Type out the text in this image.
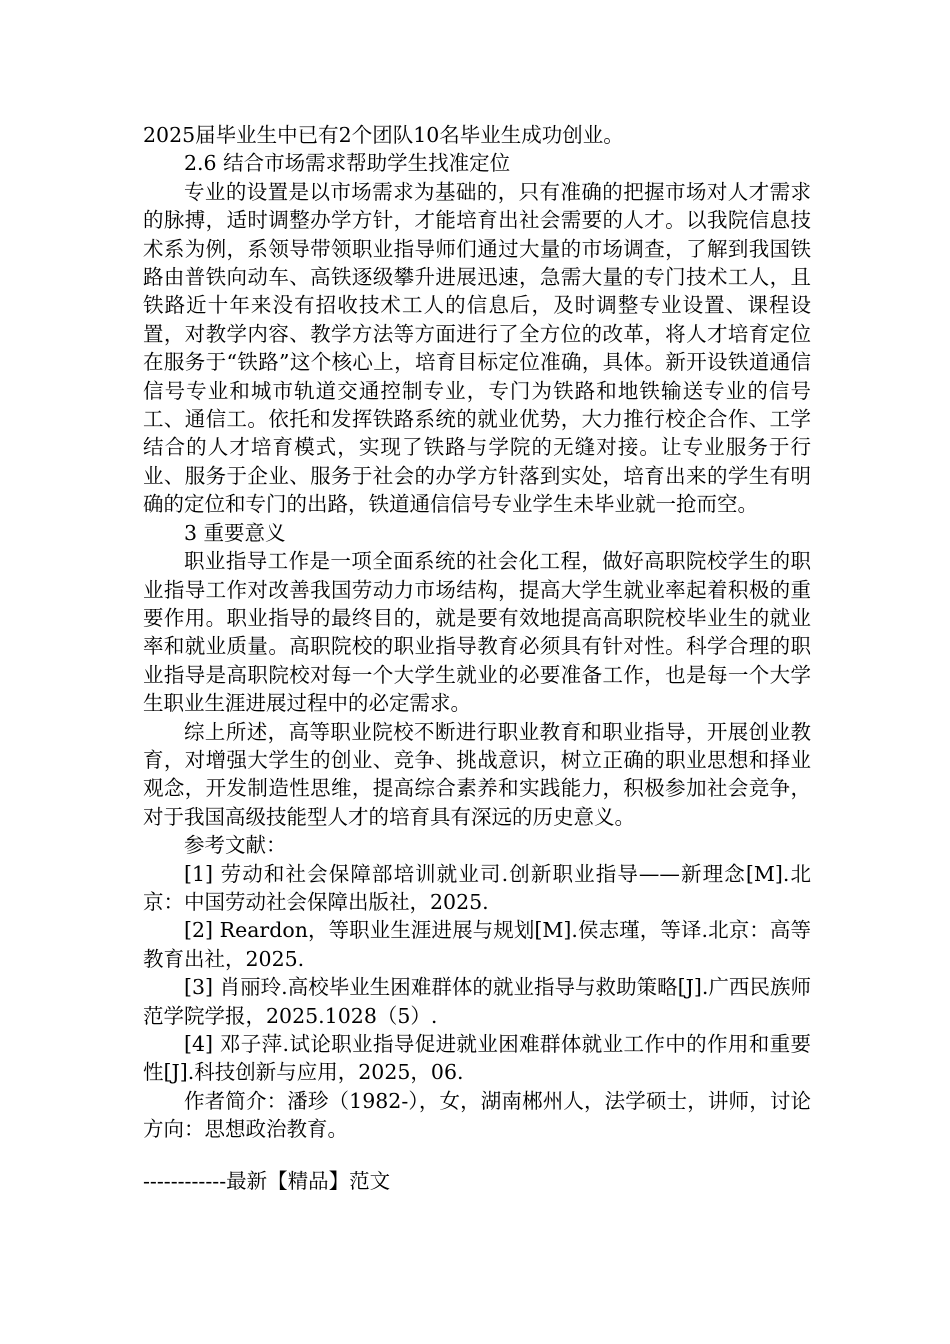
2025届毕业生中已有2个团队10名毕业生成功创业。

2.6 结合市场需求帮助学生找准定位

专业的设置是以市场需求为基础的，只有准确的把握市场对人才需求的脉搏，适时调整办学方针，才能培育出社会需要的人才。以我院信息技术系为例，系领导带领职业指导师们通过大量的市场调查，了解到我国铁路由普铁向动车、高铁逐级攀升进展迅速，急需大量的专门技术工人，且铁路近十年来没有招收技术工人的信息后，及时调整专业设置、课程设置，对教学内容、教学方法等方面进行了全方位的改革，将人才培育定位在服务于“铁路”这个核心上，培育目标定位准确，具体。新开设铁道通信信号专业和城市轨道交通控制专业，专门为铁路和地铁输送专业的信号工、通信工。依托和发挥铁路系统的就业优势，大力推行校企合作、工学结合的人才培育模式，实现了铁路与学院的无缝对接。让专业服务于行业、服务于企业、服务于社会的办学方针落到实处，培育出来的学生有明确的定位和专门的出路，铁道通信信号专业学生未毕业就一抢而空。

3 重要意义

职业指导工作是一项全面系统的社会化工程，做好高职院校学生的职业指导工作对改善我国劳动力市场结构，提高大学生就业率起着积极的重要作用。职业指导的最终目的，就是要有效地提高高职院校毕业生的就业率和就业质量。高职院校的职业指导教育必须具有针对性。科学合理的职业指导是高职院校对每一个大学生就业的必要准备工作，也是每一个大学生职业生涯进展过程中的必定需求。

综上所述，高等职业院校不断进行职业教育和职业指导，开展创业教育，对增强大学生的创业、竞争、挑战意识，树立正确的职业思想和择业观念，开发制造性思维，提高综合素养和实践能力，积极参加社会竞争，对于我国高级技能型人才的培育具有深远的历史意义。

参考文献：

[1] 劳动和社会保障部培训就业司.创新职业指导——新理念[M].北京：中国劳动社会保障出版社，2025.

[2] Reardon，等职业生涯进展与规划[M].侯志瑾，等译.北京：高等教育出社，2025.

[3] 肖丽玲.高校毕业生困难群体的就业指导与救助策略[J].广西民族师范学院学报，2025.1028（5）.

[4] 邓子萍.试论职业指导促进就业困难群体就业工作中的作用和重要性[J].科技创新与应用，2025，06.

作者简介：潘珍（1982-），女，湖南郴州人，法学硕士，讲师，讨论方向：思想政治教育。

------------最新【精品】范文
